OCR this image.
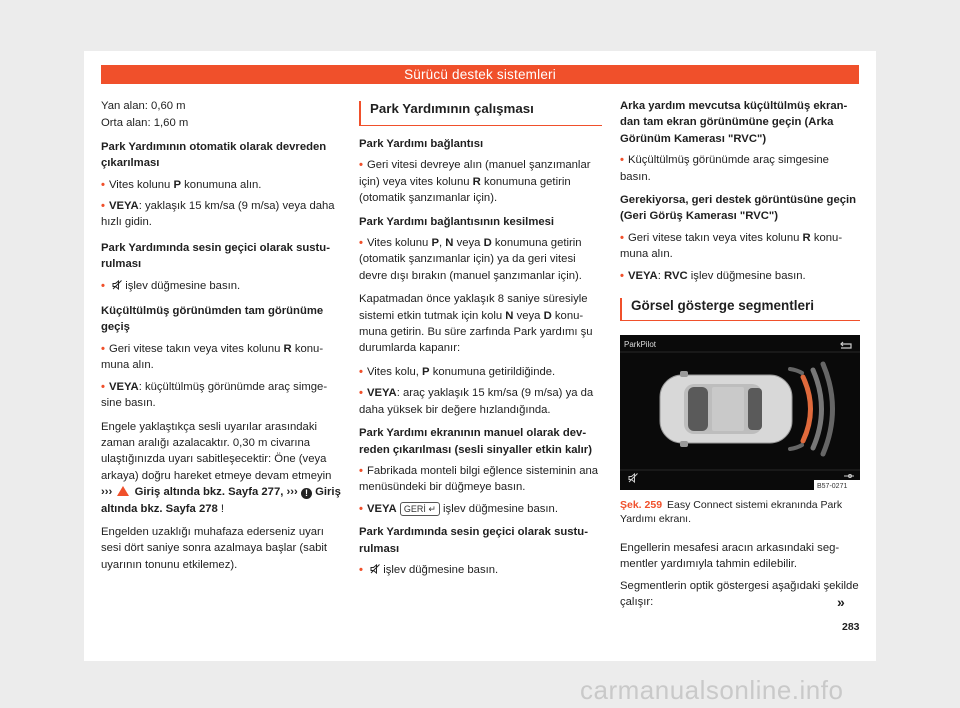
Sürücü destek sistemleri

Yan alan: 0,60 m

Orta alan: 1,60 m

Park Yardımının otomatik olarak devreden çıkarılması

• Vites kolunu P konumuna alın.

• VEYA: yaklaşık 15 km/sa (9 m/sa) veya daha hızlı gidin.

Park Yardımında sesin geçici olarak susturulması

• işlev düğmesine basın.

Küçültülmüş görünümden tam görünüme geçiş

• Geri vitese takın veya vites kolunu R konumuna alın.

• VEYA: küçültülmüş görünümde araç simgesine basın.

Engele yaklaştıkça sesli uyarılar arasındaki zaman aralığı azalacaktır. 0,30 m civarına ulaştığınızda uyarı sabitleşecektir: Öne (veya arkaya) doğru hareket etmeye devam etmeyin ›››  Giriş altında bkz. Sayfa 277, ››› ! Giriş altında bkz. Sayfa 278 !

Engelden uzaklığı muhafaza ederseniz uyarı sesi dört saniye sonra azalmaya başlar (sabit uyarının tonunu etkilemez).

Park Yardımının çalışması

Park Yardımı bağlantısı

• Geri vitesi devreye alın (manuel şanzımanlar için) veya vites kolunu R konumuna getirin (otomatik şanzımanlar için).

Park Yardımı bağlantısının kesilmesi

• Vites kolunu P, N veya D konumuna getirin (otomatik şanzımanlar için) ya da geri vitesi devre dışı bırakın (manuel şanzımanlar için).

Kapatmadan önce yaklaşık 8 saniye süresiyle sistemi etkin tutmak için kolu N veya D konumuna getirin. Bu süre zarfında Park yardımı şu durumlarda kapanır:

• Vites kolu, P konumuna getirildiğinde.

• VEYA: araç yaklaşık 15 km/sa (9 m/sa) ya da daha yüksek bir değere hızlandığında.

Park Yardımı ekranının manuel olarak devreden çıkarılması (sesli sinyaller etkin kalır)

• Fabrikada monteli bilgi eğlence sisteminin ana menüsündeki bir düğmeye basın.

• VEYA GERİ ↵ işlev düğmesine basın.

Park Yardımında sesin geçici olarak susturulması

• işlev düğmesine basın.

Arka yardım mevcutsa küçültülmüş ekrandan tam ekran görünümüne geçin (Arka Görünüm Kamerası "RVC")

• Küçültülmüş görünümde araç simgesine basın.

Gerekiyorsa, geri destek görüntüsüne geçin (Geri Görüş Kamerası "RVC")

• Geri vitese takın veya vites kolunu R konumuna alın.

• VEYA: RVC işlev düğmesine basın.

Görsel gösterge segmentleri
ParkPilot
B57-0271

Şek. 259 Easy Connect sistemi ekranında Park Yardımı ekranı.

Engellerin mesafesi aracın arkasındaki segmentler yardımıyla tahmin edilebilir.

Segmentlerin optik göstergesi aşağıdaki şekilde çalışır:	»
283
carmanualsonline.info
